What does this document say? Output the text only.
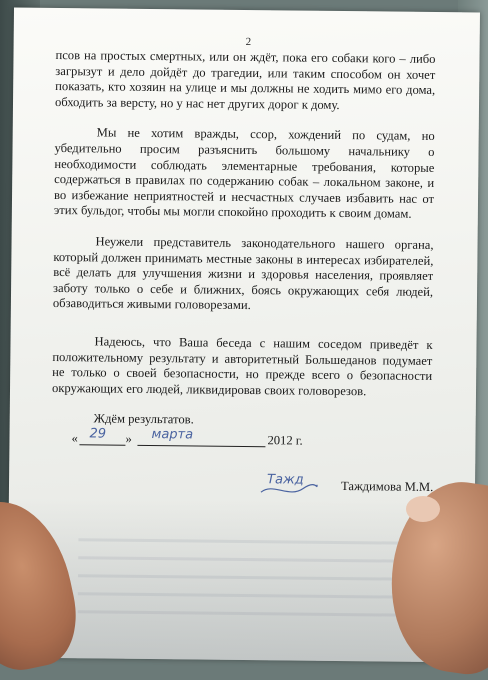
2

псов на простых смертных, или он ждёт, пока его собаки кого – либо загрызут и дело дойдёт до трагедии, или таким способом он хочет показать, кто хозяин на улице и мы должны не ходить мимо его дома, обходить за версту, но у нас нет других дорог к дому.

Мы не хотим вражды, ссор, хождений по судам, но убедительно просим разъяснить большому начальнику о необходимости соблюдать элементарные требования, которые содержаться в правилах по содержанию собак – локальном законе, и во избежание неприятностей и несчастных случаев избавить нас от этих бульдог, чтобы мы могли спокойно проходить к своим домам.

Неужели представитель законодательного нашего органа, который должен принимать местные законы в интересах избирателей, всё делать для улучшения жизни и здоровья населения, проявляет заботу только о себе и ближних, боясь окружающих себя людей, обзаводиться живыми головорезами.

Надеюсь, что Ваша беседа с нашим соседом приведёт к положительному результату и авторитетный Большеданов подумает не только о своей безопасности, но прежде всего о безопасности окружающих его людей, ликвидировав своих головорезов.

Ждём результатов.

« 29 » марта	2012 г.
Тажд	Таждимова М.М.
